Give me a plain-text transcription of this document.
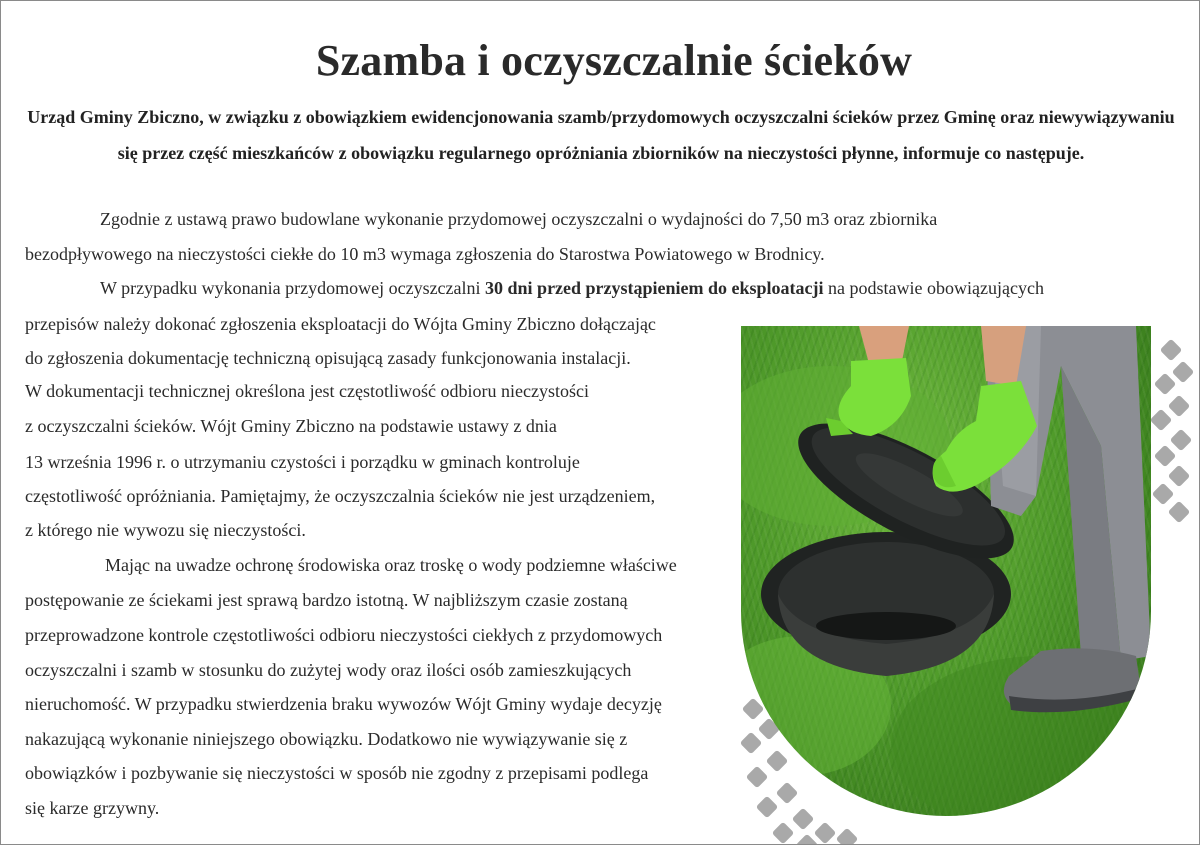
Szamba i oczyszczalnie ścieków
Urząd Gminy Zbiczno, w związku z obowiązkiem ewidencjonowania szamb/przydomowych oczyszczalni ścieków przez Gminę oraz niewywiązywaniu się przez część mieszkańców z obowiązku regularnego opróżniania zbiorników na nieczystości płynne, informuje co następuje.
Zgodnie z ustawą prawo budowlane wykonanie przydomowej oczyszczalni o wydajności do 7,50 m3 oraz zbiornika
bezodpływowego na nieczystości ciekłe do 10 m3 wymaga zgłoszenia do Starostwa Powiatowego w Brodnicy.
W przypadku wykonania przydomowej oczyszczalni 30 dni przed przystąpieniem do eksploatacji na podstawie obowiązujących
przepisów należy dokonać zgłoszenia eksploatacji do Wójta Gminy Zbiczno dołączając
do zgłoszenia dokumentację techniczną opisującą zasady funkcjonowania instalacji.
W dokumentacji technicznej określona jest częstotliwość odbioru nieczystości
z oczyszczalni ścieków. Wójt Gminy Zbiczno na podstawie ustawy z dnia
13 września 1996 r. o utrzymaniu czystości i porządku w gminach kontroluje
częstotliwość opróżniania. Pamiętajmy, że oczyszczalnia ścieków nie jest urządzeniem,
z którego nie wywozu się nieczystości.
Mając na uwadze ochronę środowiska oraz troskę o wody podziemne właściwe
postępowanie ze ściekami jest sprawą bardzo istotną. W najbliższym czasie zostaną
przeprowadzone kontrole częstotliwości odbioru nieczystości ciekłych z przydomowych
oczyszczalni i szamb w stosunku do zużytej wody oraz ilości osób zamieszkujących
nieruchomość. W przypadku stwierdzenia braku wywozów Wójt Gminy wydaje decyzję
nakazującą wykonanie niniejszego obowiązku. Dodatkowo nie wywiązywanie się z
obowiązków i pozbywanie się nieczystości w sposób nie zgodny z przepisami podlega
się karze grzywny.
